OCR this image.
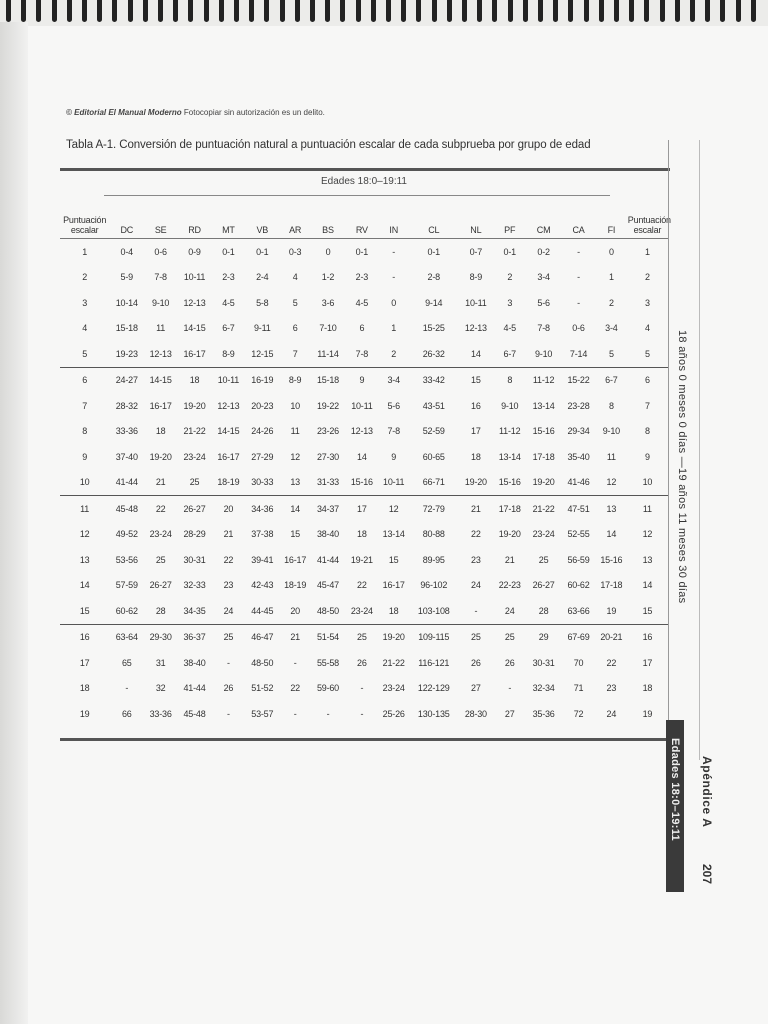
© Editorial El Manual Moderno Fotocopiar sin autorización es un delito.
Tabla A-1. Conversión de puntuación natural a puntuación escalar de cada subprueba por grupo de edad
Edades 18:0–19:11
Puntuación
escalar	DC	SE	RD	MT	VB	AR	BS	RV	IN	CL	NL	PF	CM	CA	FI	Puntuación
escalar
1	0-4	0-6	0-9	0-1	0-1	0-3	0	0-1	-	0-1	0-7	0-1	0-2	-	0	1
2	5-9	7-8	10-11	2-3	2-4	4	1-2	2-3	-	2-8	8-9	2	3-4	-	1	2
3	10-14	9-10	12-13	4-5	5-8	5	3-6	4-5	0	9-14	10-11	3	5-6	-	2	3
4	15-18	11	14-15	6-7	9-11	6	7-10	6	1	15-25	12-13	4-5	7-8	0-6	3-4	4
5	19-23	12-13	16-17	8-9	12-15	7	11-14	7-8	2	26-32	14	6-7	9-10	7-14	5	5
6	24-27	14-15	18	10-11	16-19	8-9	15-18	9	3-4	33-42	15	8	11-12	15-22	6-7	6
7	28-32	16-17	19-20	12-13	20-23	10	19-22	10-11	5-6	43-51	16	9-10	13-14	23-28	8	7
8	33-36	18	21-22	14-15	24-26	11	23-26	12-13	7-8	52-59	17	11-12	15-16	29-34	9-10	8
9	37-40	19-20	23-24	16-17	27-29	12	27-30	14	9	60-65	18	13-14	17-18	35-40	11	9
10	41-44	21	25	18-19	30-33	13	31-33	15-16	10-11	66-71	19-20	15-16	19-20	41-46	12	10
11	45-48	22	26-27	20	34-36	14	34-37	17	12	72-79	21	17-18	21-22	47-51	13	11
12	49-52	23-24	28-29	21	37-38	15	38-40	18	13-14	80-88	22	19-20	23-24	52-55	14	12
13	53-56	25	30-31	22	39-41	16-17	41-44	19-21	15	89-95	23	21	25	56-59	15-16	13
14	57-59	26-27	32-33	23	42-43	18-19	45-47	22	16-17	96-102	24	22-23	26-27	60-62	17-18	14
15	60-62	28	34-35	24	44-45	20	48-50	23-24	18	103-108	-	24	28	63-66	19	15
16	63-64	29-30	36-37	25	46-47	21	51-54	25	19-20	109-115	25	25	29	67-69	20-21	16
17	65	31	38-40	-	48-50	-	55-58	26	21-22	116-121	26	26	30-31	70	22	17
18	-	32	41-44	26	51-52	22	59-60	-	23-24	122-129	27	-	32-34	71	23	18
19	66	33-36	45-48	-	53-57	-	-	-	25-26	130-135	28-30	27	35-36	72	24	19
18 años 0 meses 0 días —19 años 11 meses 30 días
Edades 18:0–19:11 Apéndice A
207
